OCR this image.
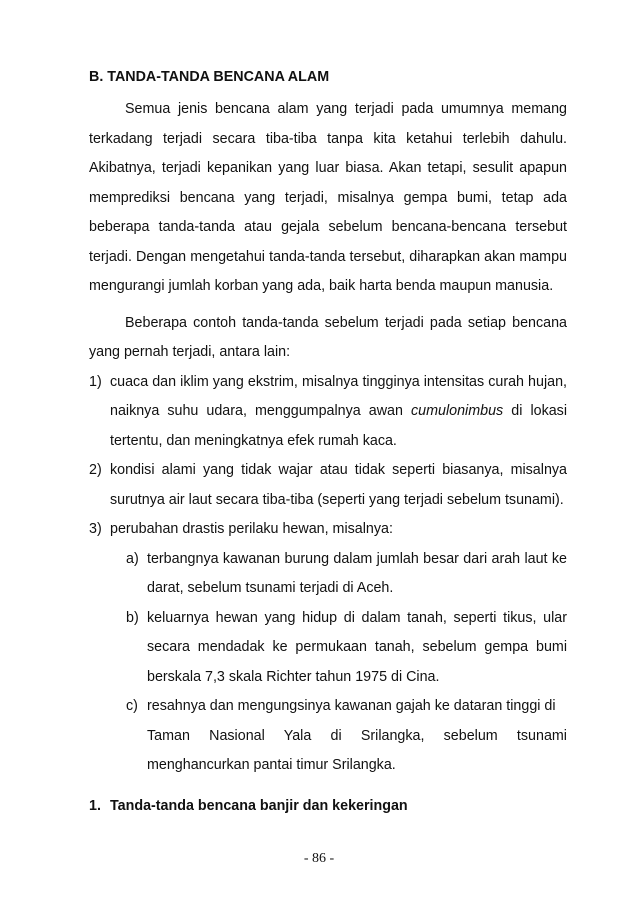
B. TANDA-TANDA BENCANA ALAM

Semua jenis bencana alam yang terjadi pada umumnya memang terkadang terjadi secara tiba-tiba tanpa kita ketahui terlebih dahulu. Akibatnya, terjadi kepanikan yang luar biasa. Akan tetapi, sesulit apapun memprediksi bencana yang terjadi, misalnya gempa bumi, tetap ada beberapa tanda-tanda atau gejala sebelum bencana-bencana tersebut terjadi. Dengan mengetahui tanda-tanda tersebut, diharapkan akan mampu mengurangi jumlah korban yang ada, baik harta benda maupun manusia.

Beberapa contoh tanda-tanda sebelum terjadi pada setiap bencana yang pernah terjadi, antara lain:

1) cuaca dan iklim yang ekstrim, misalnya tingginya intensitas curah hujan, naiknya suhu udara, menggumpalnya awan cumulonimbus di lokasi tertentu, dan meningkatnya efek rumah kaca.
2) kondisi alami yang tidak wajar atau tidak seperti biasanya, misalnya surutnya air laut secara tiba-tiba (seperti yang terjadi sebelum tsunami).
3) perubahan drastis perilaku hewan, misalnya:
a) terbangnya kawanan burung dalam jumlah besar dari arah laut ke darat, sebelum tsunami terjadi di Aceh.
b) keluarnya hewan yang hidup di dalam tanah, seperti tikus, ular secara mendadak ke permukaan tanah, sebelum gempa bumi berskala 7,3 skala Richter tahun 1975 di Cina.
c) resahnya dan mengungsinya kawanan gajah ke dataran tinggi di
Taman Nasional Yala di Srilangka, sebelum tsunami
menghancurkan pantai timur Srilangka.
1. Tanda-tanda bencana banjir dan kekeringan
- 86 -
